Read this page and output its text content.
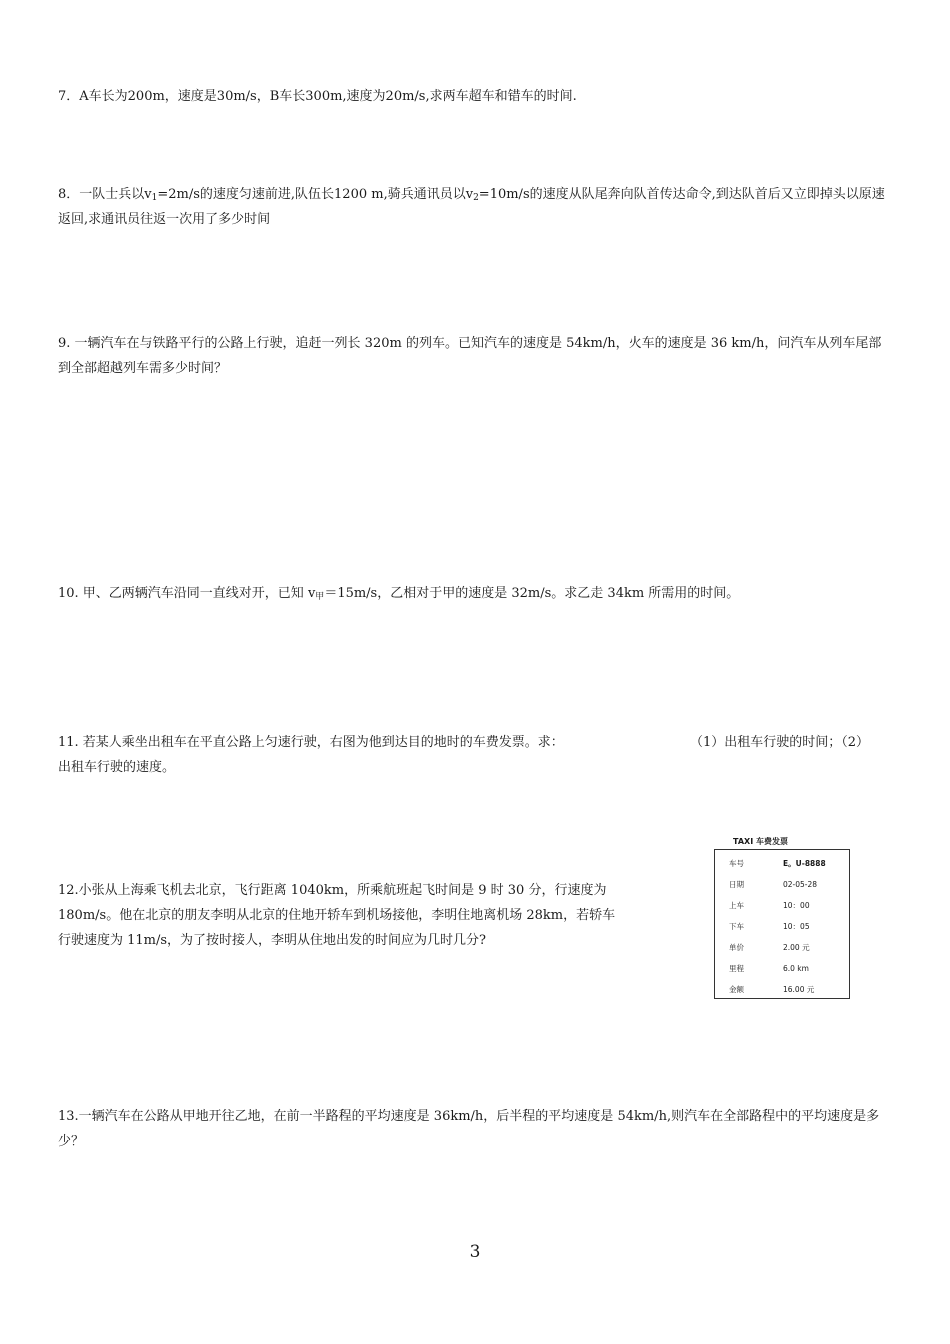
7．A车长为200m，速度是30m/s，B车长300m,速度为20m/s,求两车超车和错车的时间.

8．一队士兵以$v_1=2m/s$的速度匀速前进,队伍长1200 m,骑兵通讯员以$v_2=10m/s$的速度从队尾奔向队首传达命令,到达队首后又立即掉头以原速返回,求通讯员往返一次用了多少时间

9. 一辆汽车在与铁路平行的公路上行驶，追赶一列长 320m 的列车。已知汽车的速度是 54km/h，火车的速度是 36 km/h，问汽车从列车尾部到全部超越列车需多少时间？

10. 甲、乙两辆汽车沿同一直线对开，已知 $v_甲=15m/s$，乙相对于甲的速度是 32m/s。求乙走 34km 所需用的时间。

11. 若某人乘坐出租车在平直公路上匀速行驶，右图为他到达目的地时的车费发票。求：	（1）出租车行驶的时间；（2）
出租车行驶的速度。

12.小张从上海乘飞机去北京，飞行距离 1040km，所乘航班起飞时间是 9 时 30 分，行速度为 180m/s。他在北京的朋友李明从北京的住地开轿车到机场接他，李明住地离机场 28km，若轿车行驶速度为 11m/s，为了按时接人，李明从住地出发的时间应为几时几分?

TAXI 车费发票
车号	E。U-8888
日期	02-05-28
上车	10：00
下车	10：05
单价	2.00 元
里程	6.0 km
金额	16.00 元

13.一辆汽车在公路从甲地开往乙地，在前一半路程的平均速度是 36km/h，后半程的平均速度是 54km/h,则汽车在全部路程中的平均速度是多少？

3
